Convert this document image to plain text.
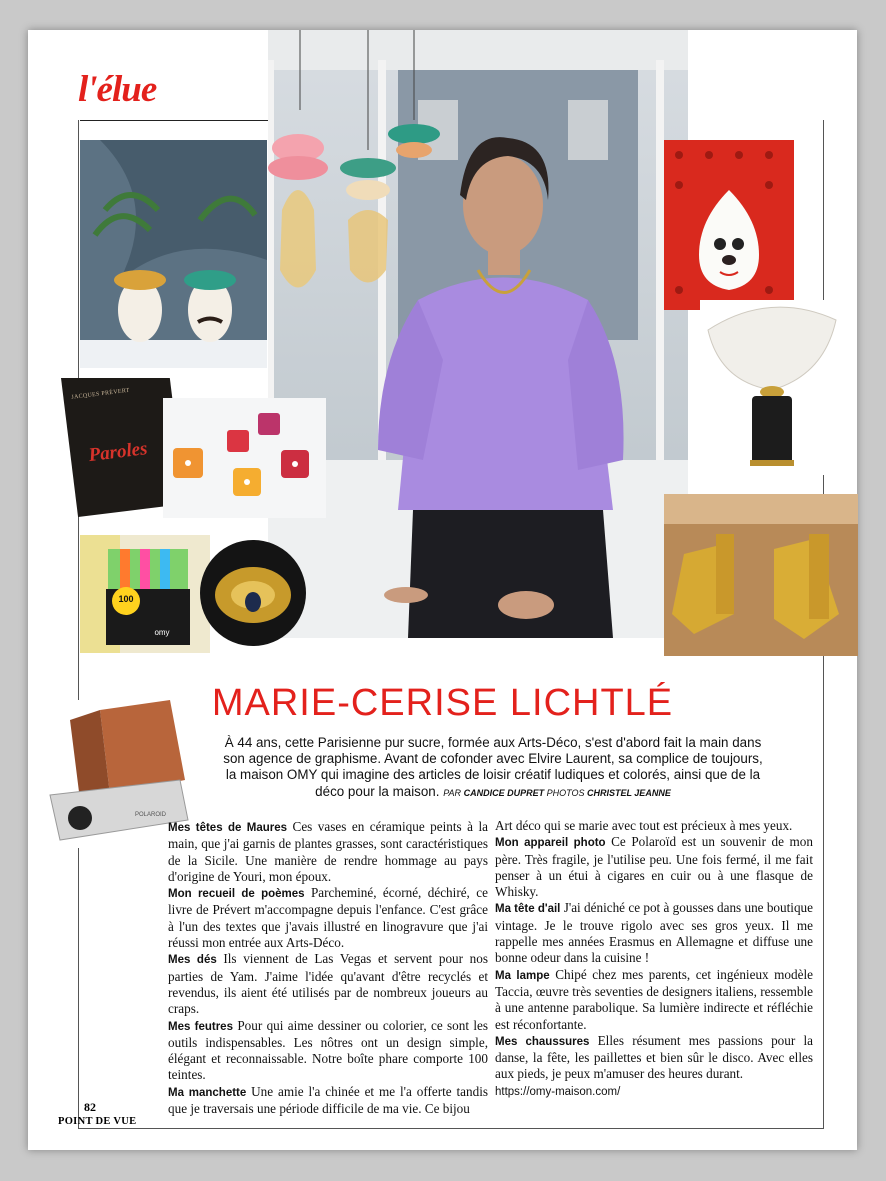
l'élue
JACQUES PRÉVERT
Paroles
100
omy
POLAROID
MARIE-CERISE LICHTLÉ
À 44 ans, cette Parisienne pur sucre, formée aux Arts-Déco, s'est d'abord fait la main dans son agence de graphisme. Avant de cofonder avec Elvire Laurent, sa complice de toujours, la maison OMY qui imagine des articles de loisir créatif ludiques et colorés, ainsi que de la déco pour la maison. PAR CANDICE DUPRET PHOTOS CHRISTEL JEANNE

Mes têtes de Maures Ces vases en céramique peints à la main, que j'ai garnis de plantes grasses, sont caractéristiques de la Sicile. Une manière de rendre hommage au pays d'origine de Youri, mon époux.

Mon recueil de poèmes Parcheminé, écorné, déchiré, ce livre de Prévert m'accompagne depuis l'enfance. C'est grâce à l'un des textes que j'avais illustré en linogravure que j'ai réussi mon entrée aux Arts-Déco.

Mes dés Ils viennent de Las Vegas et servent pour nos parties de Yam. J'aime l'idée qu'avant d'être recyclés et revendus, ils aient été utilisés par de nombreux joueurs au craps.

Mes feutres Pour qui aime dessiner ou colorier, ce sont les outils indispensables. Les nôtres ont un design simple, élégant et reconnaissable. Notre boîte phare comporte 100 teintes.

Ma manchette Une amie l'a chinée et me l'a offerte tandis que je traversais une période difficile de ma vie. Ce bijou

Art déco qui se marie avec tout est précieux à mes yeux.

Mon appareil photo Ce Polaroïd est un souvenir de mon père. Très fragile, je l'utilise peu. Une fois fermé, il me fait penser à un étui à cigares en cuir ou à une flasque de Whisky.

Ma tête d'ail J'ai déniché ce pot à gousses dans une boutique vintage. Je le trouve rigolo avec ses gros yeux. Il me rappelle mes années Erasmus en Allemagne et diffuse une bonne odeur dans la cuisine !

Ma lampe Chipé chez mes parents, cet ingénieux modèle Taccia, œuvre très seventies de designers italiens, ressemble à une antenne parabolique. Sa lumière indirecte et réfléchie est réconfortante.

Mes chaussures Elles résument mes passions pour la danse, la fête, les paillettes et bien sûr le disco. Avec elles aux pieds, je peux m'amuser des heures durant.

https://omy-maison.com/

82
POINT DE VUE
